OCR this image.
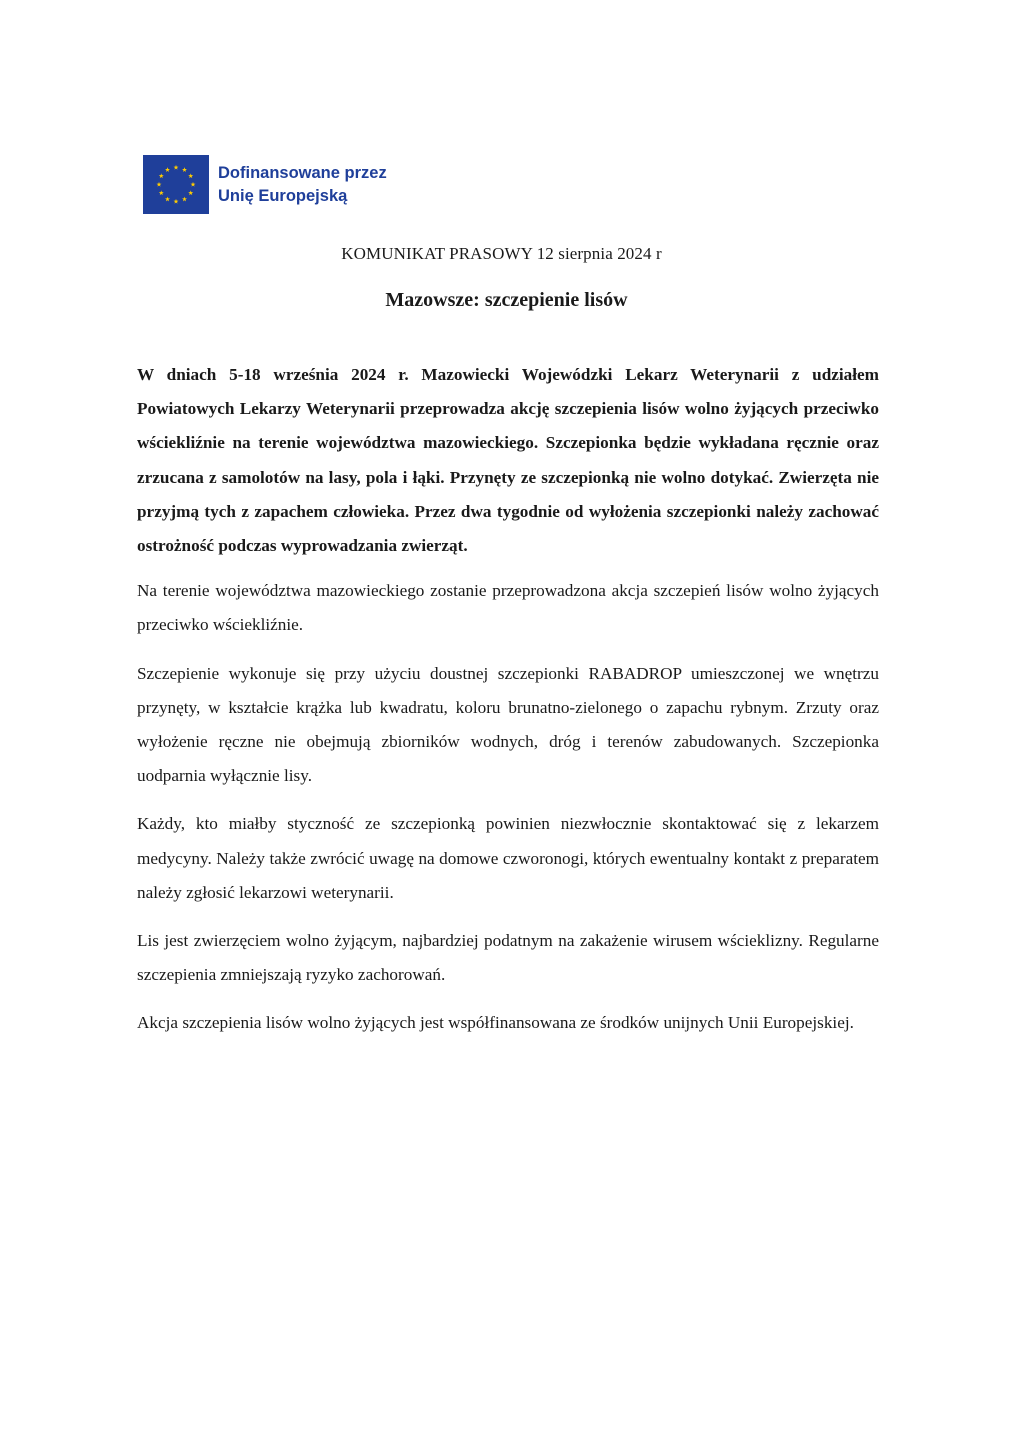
Dofinansowane przez
Unię Europejską
KOMUNIKAT PRASOWY 12 sierpnia 2024 r
Mazowsze: szczepienie lisów
W dniach 5-18 września 2024 r. Mazowiecki Wojewódzki Lekarz Weterynarii z udziałem Powiatowych Lekarzy Weterynarii przeprowadza akcję szczepienia lisów wolno żyjących przeciwko wściekliźnie na terenie województwa mazowieckiego. Szczepionka będzie wykładana ręcznie oraz zrzucana z samolotów na lasy, pola i łąki. Przynęty ze szczepionką nie wolno dotykać. Zwierzęta nie przyjmą tych z zapachem człowieka. Przez dwa tygodnie od wyłożenia szczepionki należy zachować ostrożność podczas wyprowadzania zwierząt.
Na terenie województwa mazowieckiego zostanie przeprowadzona akcja szczepień lisów wolno żyjących przeciwko wściekliźnie.
Szczepienie wykonuje się przy użyciu doustnej szczepionki RABADROP umieszczonej we wnętrzu przynęty, w kształcie krążka lub kwadratu, koloru brunatno-zielonego o zapachu rybnym. Zrzuty oraz wyłożenie ręczne nie obejmują zbiorników wodnych, dróg i terenów zabudowanych. Szczepionka uodparnia wyłącznie lisy.
Każdy, kto miałby styczność ze szczepionką powinien niezwłocznie skontaktować się z lekarzem medycyny. Należy także zwrócić uwagę na domowe czworonogi, których ewentualny kontakt z preparatem należy zgłosić lekarzowi weterynarii.
Lis jest zwierzęciem wolno żyjącym, najbardziej podatnym na zakażenie wirusem wścieklizny. Regularne szczepienia zmniejszają ryzyko zachorowań.
Akcja szczepienia lisów wolno żyjących jest współfinansowana ze środków unijnych Unii Europejskiej.
